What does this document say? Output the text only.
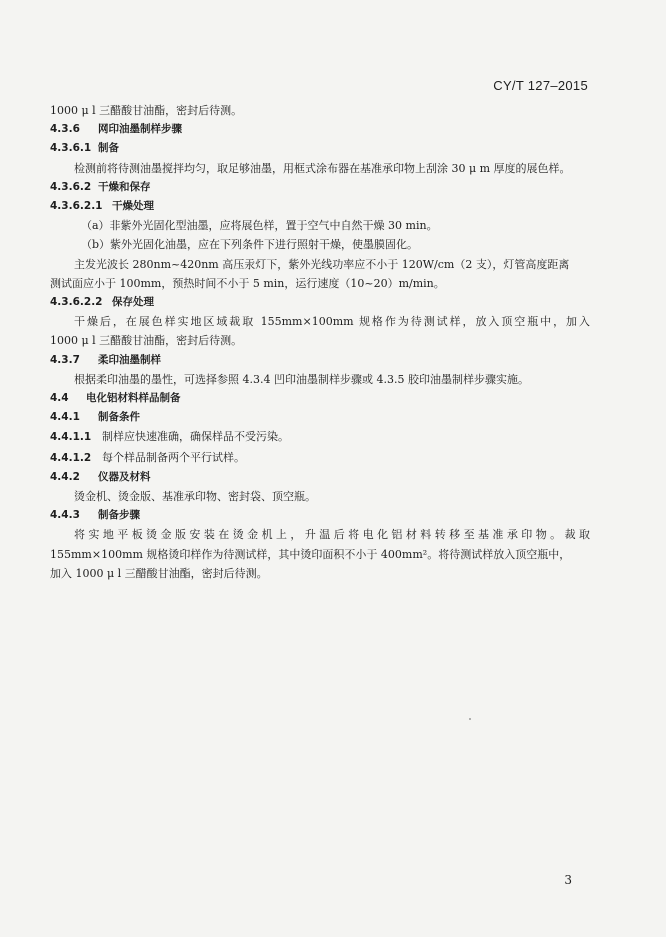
CY/T 127–2015
1000 μ l 三醋酸甘油酯，密封后待测。
4.3.6 网印油墨制样步骤
4.3.6.1 制备
检测前将待测油墨搅拌均匀，取足够油墨，用框式涂布器在基准承印物上刮涂 30 μ m 厚度的展色样。
4.3.6.2 干燥和保存
4.3.6.2.1 干燥处理
（a）非紫外光固化型油墨，应将展色样，置于空气中自然干燥 30 min。
（b）紫外光固化油墨，应在下列条件下进行照射干燥，使墨膜固化。
主发光波长 280nm~420nm 高压汞灯下，紫外光线功率应不小于 120W/cm（2 支），灯管高度距离
测试面应小于 100mm，预热时间不小于 5 min，运行速度（10~20）m/min。
4.3.6.2.2 保存处理
干燥后，在展色样实地区域裁取 155mm×100mm 规格作为待测试样，放入顶空瓶中，加入
1000 μ l 三醋酸甘油酯，密封后待测。
4.3.7 柔印油墨制样
根据柔印油墨的墨性，可选择参照 4.3.4 凹印油墨制样步骤或 4.3.5 胶印油墨制样步骤实施。
4.4 电化铝材料样品制备
4.4.1 制备条件
4.4.1.1 制样应快速准确，确保样品不受污染。
4.4.1.2 每个样品制备两个平行试样。
4.4.2 仪器及材料
烫金机、烫金版、基准承印物、密封袋、顶空瓶。
4.4.3 制备步骤
将实地平板烫金版安装在烫金机上，升温后将电化铝材料转移至基准承印物。裁取
155mm×100mm 规格烫印样作为待测试样，其中烫印面积不小于 400mm²。将待测试样放入顶空瓶中，
加入 1000 μ l 三醋酸甘油酯，密封后待测。
3
